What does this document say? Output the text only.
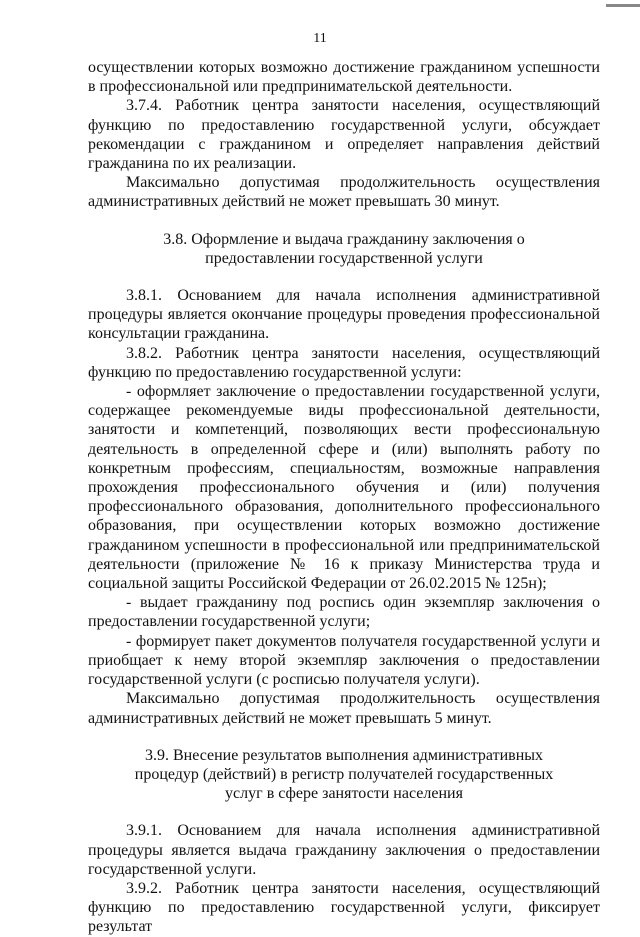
11

осуществлении которых возможно достижение гражданином успешности в профессиональной или предпринимательской деятельности.

3.7.4. Работник центра занятости населения, осуществляющий функцию по предоставлению государственной услуги, обсуждает рекомендации с гражданином и определяет направления действий гражданина по их реализации.

Максимально допустимая продолжительность осуществления административных действий не может превышать 30 минут.

3.8. Оформление и выдача гражданину заключения о предоставлении государственной услуги

3.8.1. Основанием для начала исполнения административной процедуры является окончание процедуры проведения профессиональной консультации гражданина.

3.8.2. Работник центра занятости населения, осуществляющий функцию по предоставлению государственной услуги:

- оформляет заключение о предоставлении государственной услуги, содержащее рекомендуемые виды профессиональной деятельности, занятости и компетенций, позволяющих вести профессиональную деятельность в определенной сфере и (или) выполнять работу по конкретным профессиям, специальностям, возможные направления прохождения профессионального обучения и (или) получения профессионального образования, дополнительного профессионального образования, при осуществлении которых возможно достижение гражданином успешности в профессиональной или предпринимательской деятельности (приложение № 16 к приказу Министерства труда и социальной защиты Российской Федерации от 26.02.2015 № 125н);

- выдает гражданину под роспись один экземпляр заключения о предоставлении государственной услуги;

- формирует пакет документов получателя государственной услуги и приобщает к нему второй экземпляр заключения о предоставлении государственной услуги (с росписью получателя услуги).

Максимально допустимая продолжительность осуществления административных действий не может превышать 5 минут.

3.9. Внесение результатов выполнения административных процедур (действий) в регистр получателей государственных услуг в сфере занятости населения

3.9.1. Основанием для начала исполнения административной процедуры является выдача гражданину заключения о предоставлении государственной услуги.

3.9.2. Работник центра занятости населения, осуществляющий функцию по предоставлению государственной услуги, фиксирует результат
